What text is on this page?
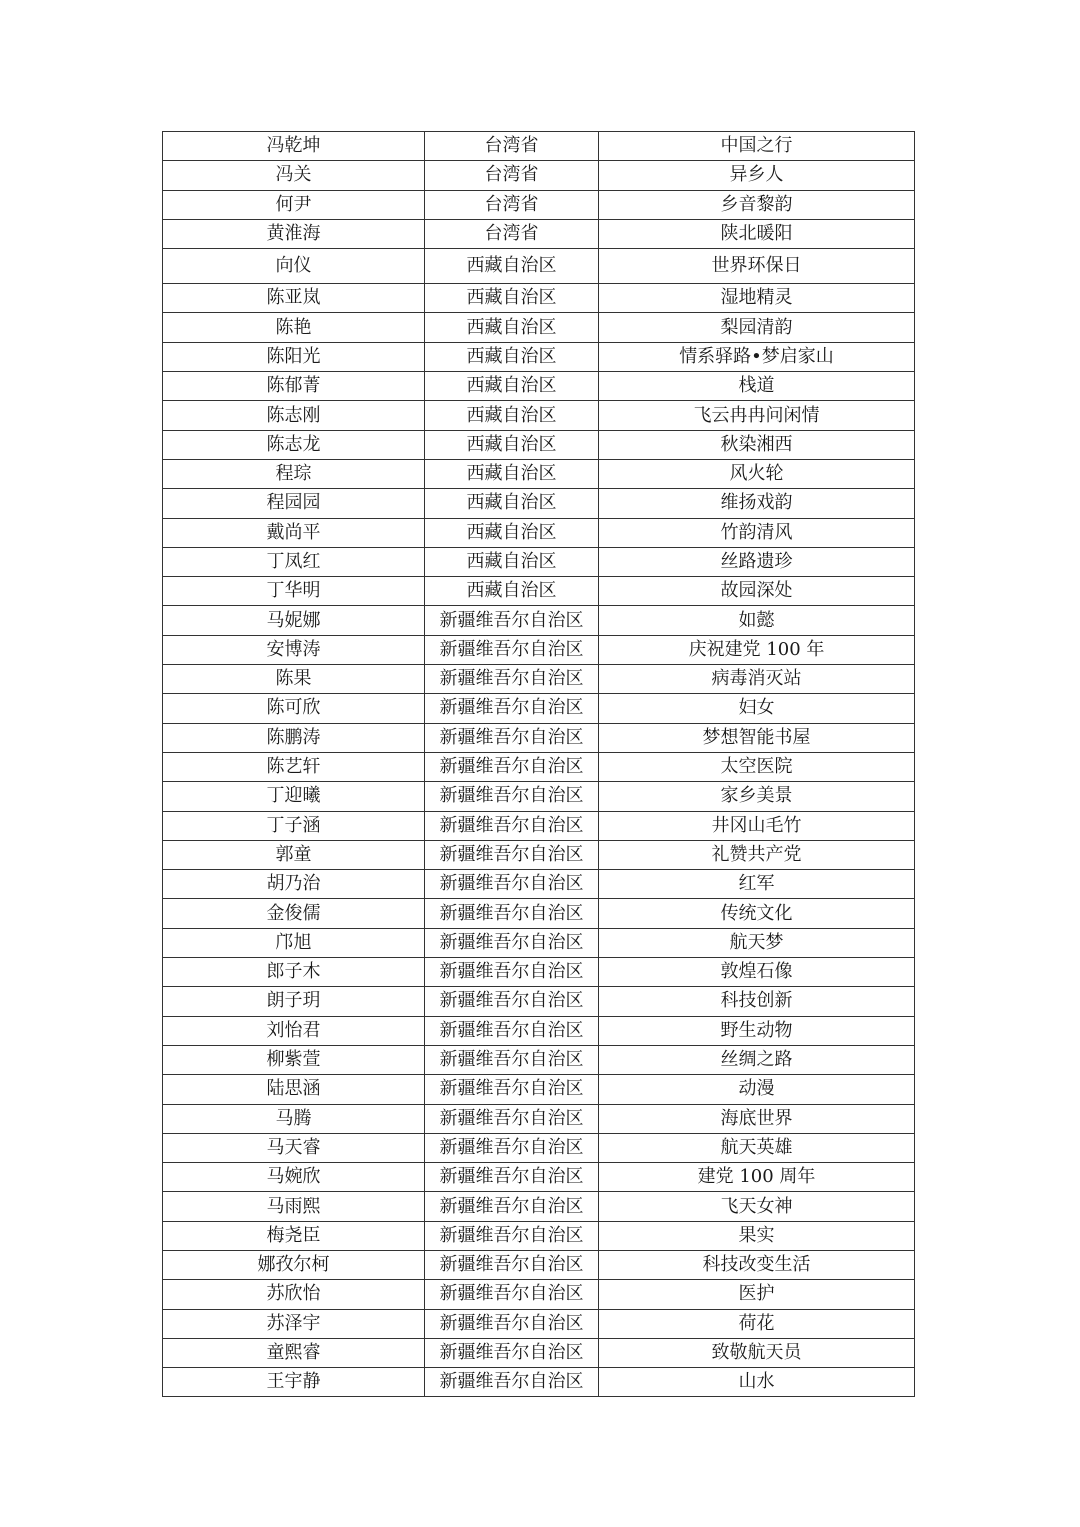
冯乾坤	台湾省	中国之行
冯关	台湾省	异乡人
何尹	台湾省	乡音黎韵
黄淮海	台湾省	陕北暖阳
向仪	西藏自治区	世界环保日
陈亚岚	西藏自治区	湿地精灵
陈艳	西藏自治区	梨园清韵
陈阳光	西藏自治区	情系驿路•梦启家山
陈郁菁	西藏自治区	栈道
陈志刚	西藏自治区	飞云冉冉问闲情
陈志龙	西藏自治区	秋染湘西
程琮	西藏自治区	风火轮
程园园	西藏自治区	维扬戏韵
戴尚平	西藏自治区	竹韵清风
丁凤红	西藏自治区	丝路遗珍
丁华明	西藏自治区	故园深处
马妮娜	新疆维吾尔自治区	如懿
安博涛	新疆维吾尔自治区	庆祝建党 100 年
陈果	新疆维吾尔自治区	病毒消灭站
陈可欣	新疆维吾尔自治区	妇女
陈鹏涛	新疆维吾尔自治区	梦想智能书屋
陈艺轩	新疆维吾尔自治区	太空医院
丁迎曦	新疆维吾尔自治区	家乡美景
丁子涵	新疆维吾尔自治区	井冈山毛竹
郭童	新疆维吾尔自治区	礼赞共产党
胡乃治	新疆维吾尔自治区	红军
金俊儒	新疆维吾尔自治区	传统文化
邝旭	新疆维吾尔自治区	航天梦
郎子木	新疆维吾尔自治区	敦煌石像
朗子玥	新疆维吾尔自治区	科技创新
刘怡君	新疆维吾尔自治区	野生动物
柳紫萱	新疆维吾尔自治区	丝绸之路
陆思涵	新疆维吾尔自治区	动漫
马腾	新疆维吾尔自治区	海底世界
马天睿	新疆维吾尔自治区	航天英雄
马婉欣	新疆维吾尔自治区	建党 100 周年
马雨熙	新疆维吾尔自治区	飞天女神
梅尧臣	新疆维吾尔自治区	果实
娜孜尔柯	新疆维吾尔自治区	科技改变生活
苏欣怡	新疆维吾尔自治区	医护
苏泽宇	新疆维吾尔自治区	荷花
童熙睿	新疆维吾尔自治区	致敬航天员
王宇静	新疆维吾尔自治区	山水
